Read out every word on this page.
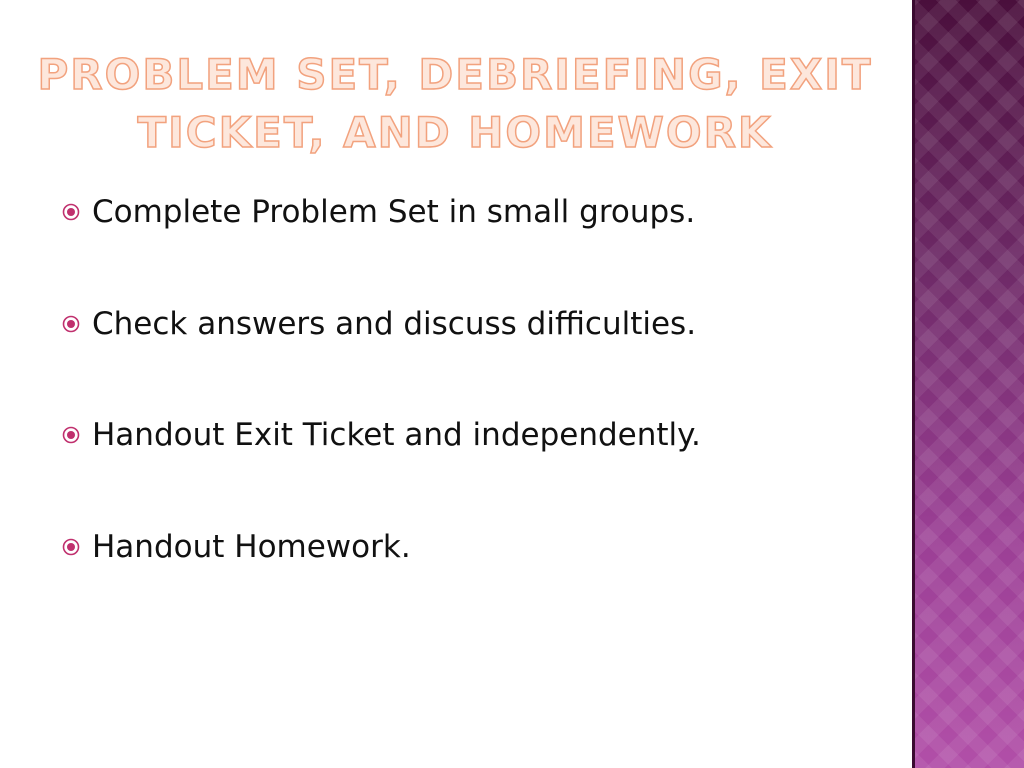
PROBLEM SET, DEBRIEFING, EXIT
TICKET, AND HOMEWORK
Complete Problem Set in small groups.
Check answers and discuss difficulties.
Handout Exit Ticket and independently.
Handout Homework.
